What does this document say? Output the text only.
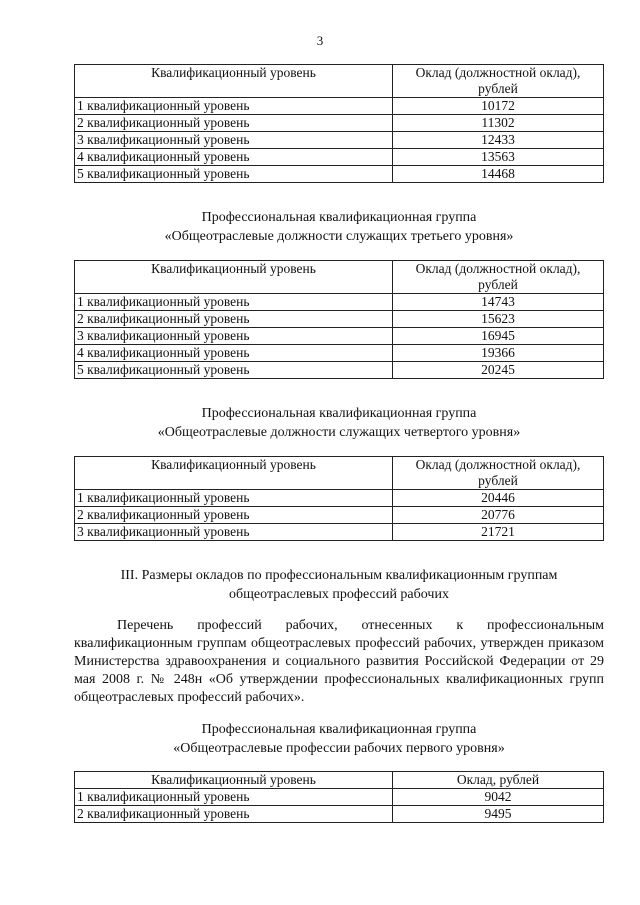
3
Квалификационный уровень	Оклад (должностной оклад),
рублей
1 квалификационный уровень	10172
2 квалификационный уровень	11302
3 квалификационный уровень	12433
4 квалификационный уровень	13563
5 квалификационный уровень	14468
Профессиональная квалификационная группа
«Общеотраслевые должности служащих третьего уровня»
Квалификационный уровень	Оклад (должностной оклад),
рублей
1 квалификационный уровень	14743
2 квалификационный уровень	15623
3 квалификационный уровень	16945
4 квалификационный уровень	19366
5 квалификационный уровень	20245
Профессиональная квалификационная группа
«Общеотраслевые должности служащих четвертого уровня»
Квалификационный уровень	Оклад (должностной оклад),
рублей
1 квалификационный уровень	20446
2 квалификационный уровень	20776
3 квалификационный уровень	21721
III. Размеры окладов по профессиональным квалификационным группам
общеотраслевых профессий рабочих
Перечень профессий рабочих, отнесенных к профессиональным квалификационным группам общеотраслевых профессий рабочих, утвержден приказом Министерства здравоохранения и социального развития Российской Федерации от 29 мая 2008 г. № 248н «Об утверждении профессиональных квалификационных групп общеотраслевых профессий рабочих».
Профессиональная квалификационная группа
«Общеотраслевые профессии рабочих первого уровня»
Квалификационный уровень	Оклад, рублей
1 квалификационный уровень	9042
2 квалификационный уровень	9495
